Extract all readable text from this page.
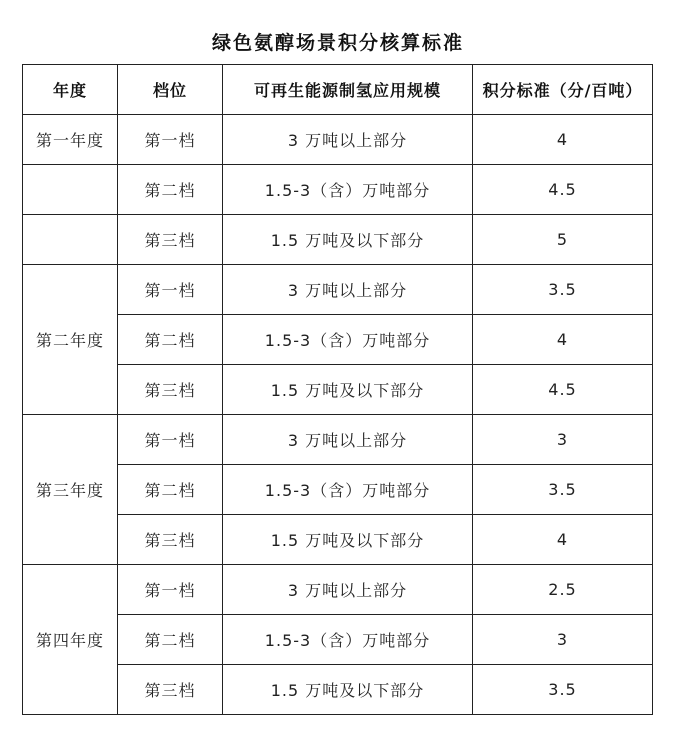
绿色氨醇场景积分核算标准
年度	档位	可再生能源制氢应用规模	积分标准（分/百吨）
第一年度	第一档	3 万吨以上部分	4
	第二档	1.5-3（含）万吨部分	4.5
	第三档	1.5 万吨及以下部分	5
第二年度	第一档	3 万吨以上部分	3.5
	第二档	1.5-3（含）万吨部分	4
	第三档	1.5 万吨及以下部分	4.5
第三年度	第一档	3 万吨以上部分	3
	第二档	1.5-3（含）万吨部分	3.5
	第三档	1.5 万吨及以下部分	4
第四年度	第一档	3 万吨以上部分	2.5
	第二档	1.5-3（含）万吨部分	3
	第三档	1.5 万吨及以下部分	3.5
